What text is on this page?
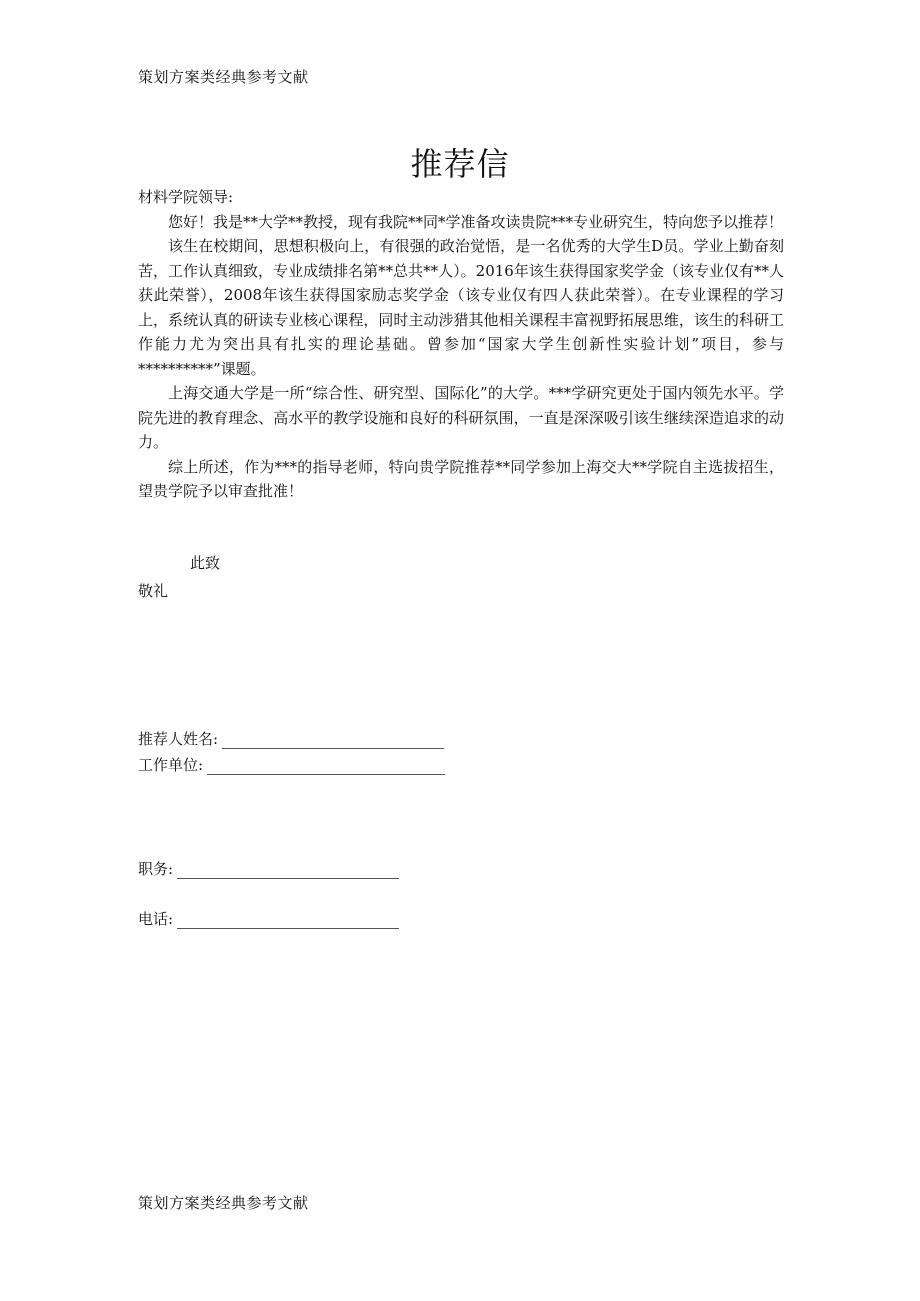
策划方案类经典参考文献
推荐信

材料学院领导:

您好！我是**大学**教授，现有我院**同*学准备攻读贵院***专业研究生，特向您予以推荐！

该生在校期间，思想积极向上，有很强的政治觉悟，是一名优秀的大学生D员。学业上勤奋刻苦，工作认真细致，专业成绩排名第**总共**人）。2016年该生获得国家奖学金（该专业仅有**人获此荣誉），2008年该生获得国家励志奖学金（该专业仅有四人获此荣誉）。在专业课程的学习上，系统认真的研读专业核心课程，同时主动涉猎其他相关课程丰富视野拓展思维，该生的科研工作能力尤为突出具有扎实的理论基础。曾参加“国家大学生创新性实验计划”项目，参与**********”课题。

上海交通大学是一所“综合性、研究型、国际化”的大学。***学研究更处于国内领先水平。学院先进的教育理念、高水平的教学设施和良好的科研氛围，一直是深深吸引该生继续深造追求的动力。

综上所述，作为***的指导老师，特向贵学院推荐**同学参加上海交大**学院自主选拔招生，望贵学院予以审查批准！

此致
敬礼
推荐人姓名:
工作单位:
职务:
电话:
策划方案类经典参考文献
